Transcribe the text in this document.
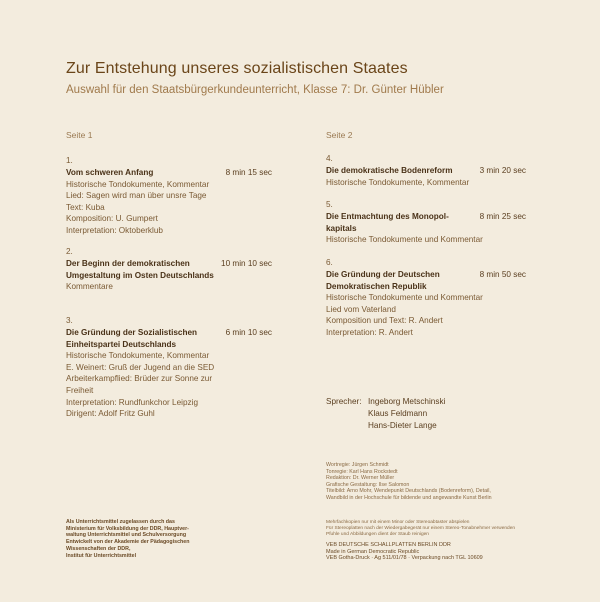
Zur Entstehung unseres sozialistischen Staates
Auswahl für den Staatsbürgerkundeunterricht, Klasse 7: Dr. Günter Hübler
Seite 1
1.
Vom schweren Anfang	8 min 15 sec
Historische Tondokumente, Kommentar
Lied: Sagen wird man über unsre Tage
Text: Kuba
Komposition: U. Gumpert
Interpretation: Oktoberklub
2.
Der Beginn der demokratischen Umgestaltung im Osten Deutschlands
10 min 10 sec
Kommentare
3.
Die Gründung der Sozialistischen Einheitspartei Deutschlands
6 min 10 sec
Historische Tondokumente, Kommentar
E. Weinert: Gruß der Jugend an die SED
Arbeiterkampflied: Brüder zur Sonne zur Freiheit
Interpretation: Rundfunkchor Leipzig
Dirigent: Adolf Fritz Guhl
Seite 2
4.
Die demokratische Bodenreform	3 min 20 sec
Historische Tondokumente, Kommentar
5.
Die Entmachtung des Monopol-kapitals
8 min 25 sec
Historische Tondokumente und Kommentar
6.
Die Gründung der Deutschen Demokratischen Republik
8 min 50 sec
Historische Tondokumente und Kommentar
Lied vom Vaterland
Komposition und Text: R. Andert
Interpretation: R. Andert
Sprecher: Ingeborg Metschinski
Klaus Feldmann
Hans-Dieter Lange
Wortregie: Jürgen Schmidt
Tonregie: Karl Hans Rockstedt
Redaktion: Dr. Werner Müller
Grafische Gestaltung: Ilse Salomon
Titelbild: Arno Mohr, Wendepunkt Deutschlands (Bodenreform), Detail,
Wandbild in der Hochschule für bildende und angewandte Kunst Berlin
Als Unterrichtsmittel zugelassen durch das
Ministerium für Volksbildung der DDR, Hauptver-
waltung Unterrichtsmittel und Schulversorgung
Entwickelt von der Akademie der Pädagogischen
Wissenschaften der DDR,
Institut für Unterrichtsmittel
Mehrfachkopien nur mit einem Minor oder Stereoabtaster abspielen
Für Stereoplatten nach der Wiedergabegerät nur einem Stereo-Tonabnehmer verwenden
Pfuhle und Abbildungen dient der Staub reinigen
VEB DEUTSCHE SCHALLPLATTEN BERLIN DDR
Made in German Democratic Republic
VEB Gotha-Druck · Ag 511/01/78 · Verpackung nach TGL 10609
